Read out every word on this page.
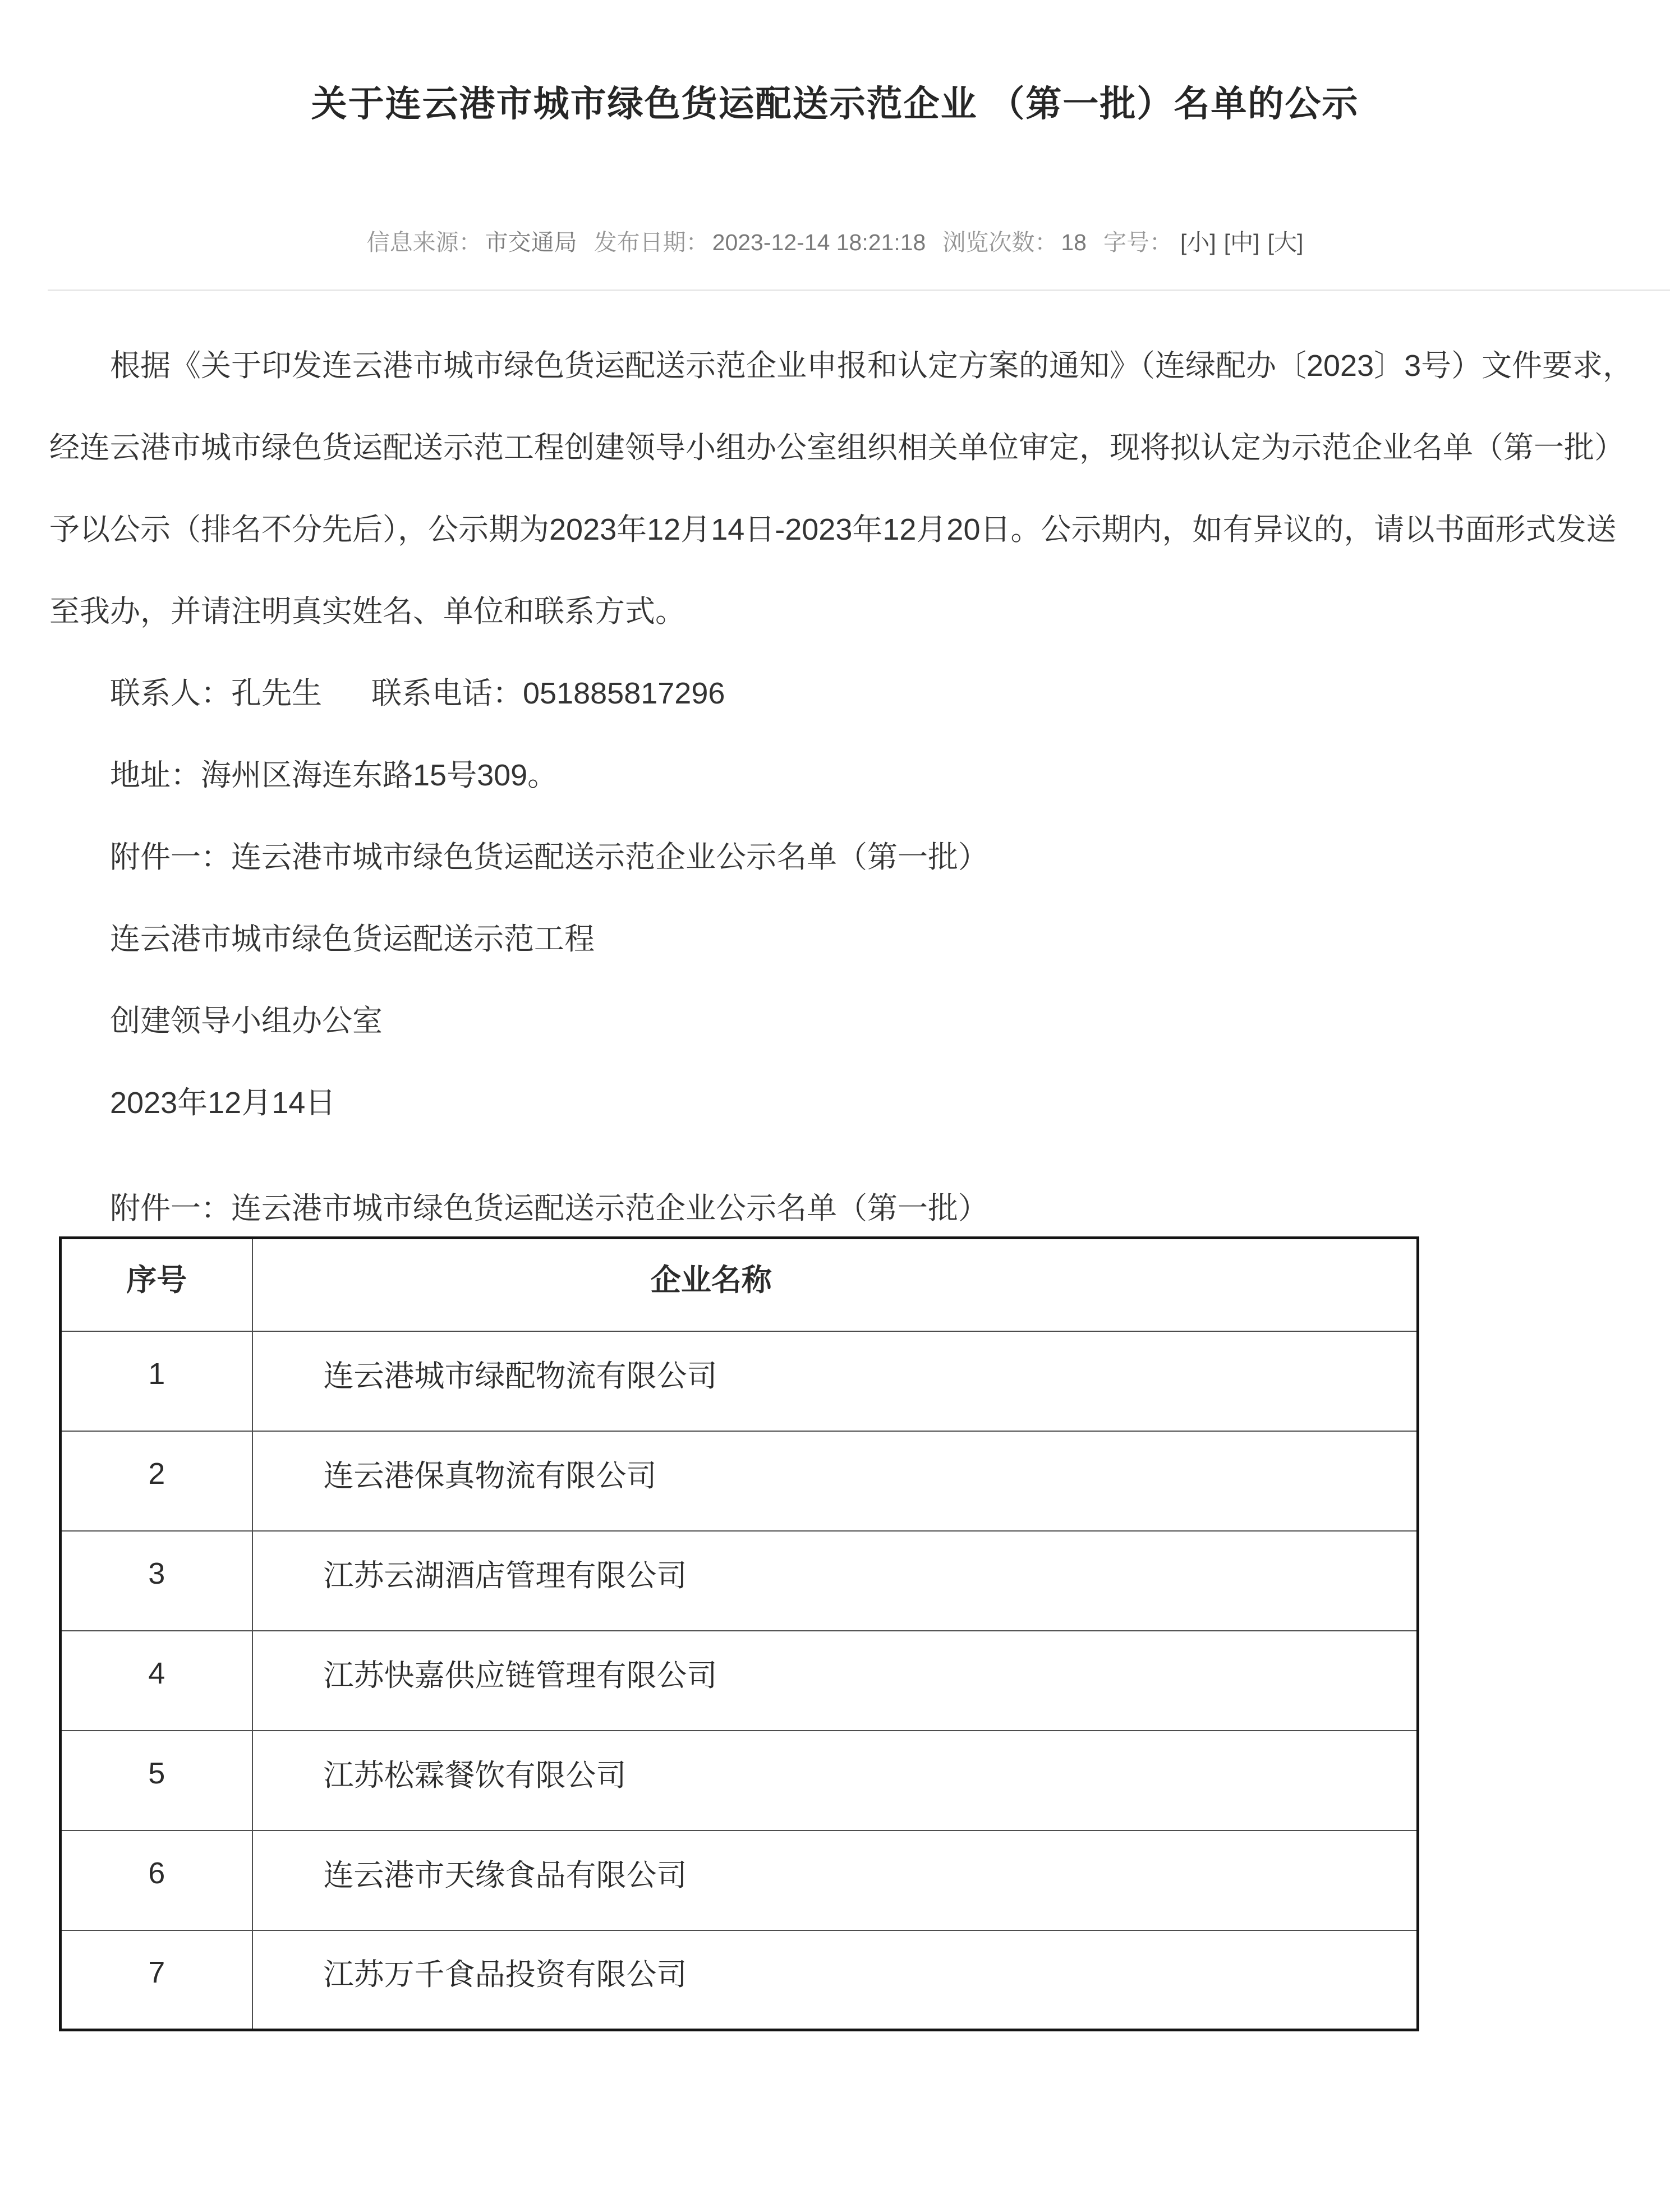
关于连云港市城市绿色货运配送示范企业 （第一批）名单的公示
信息来源： 市交通局 发布日期： 2023-12-14 18:21:18 浏览次数： 18 字号： [小] [中] [大]
根据《关于印发连云港市城市绿色货运配送示范企业申报和认定方案的通知》（连绿配办〔2023〕3号）文件要求，
经连云港市城市绿色货运配送示范工程创建领导小组办公室组织相关单位审定，现将拟认定为示范企业名单（第一批）
予以公示（排名不分先后），公示期为2023年12月14日-2023年12月20日。公示期内，如有异议的，请以书面形式发送
至我办，并请注明真实姓名、单位和联系方式。
联系人：孔先生 联系电话：051885817296
地址：海州区海连东路15号309。
附件一：连云港市城市绿色货运配送示范企业公示名单（第一批）
连云港市城市绿色货运配送示范工程
创建领导小组办公室
2023年12月14日
附件一：连云港市城市绿色货运配送示范企业公示名单（第一批）
序号	企业名称
1	连云港城市绿配物流有限公司
2	连云港保真物流有限公司
3	江苏云湖酒店管理有限公司
4	江苏快嘉供应链管理有限公司
5	江苏松霖餐饮有限公司
6	连云港市天缘食品有限公司
7	江苏万千食品投资有限公司
